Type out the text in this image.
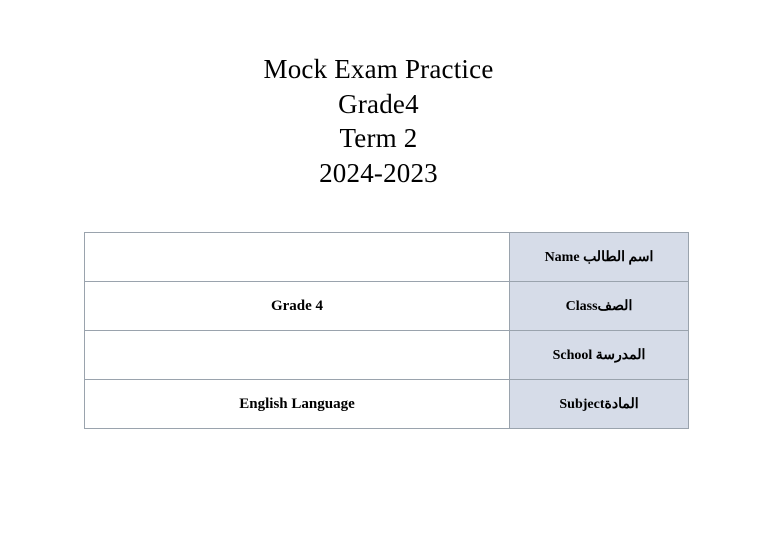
Mock Exam Practice
Grade4
Term 2
2024-2023
	اسم الطالب Name
Grade 4	الصفClass
	المدرسة School
English Language	المادةSubject
